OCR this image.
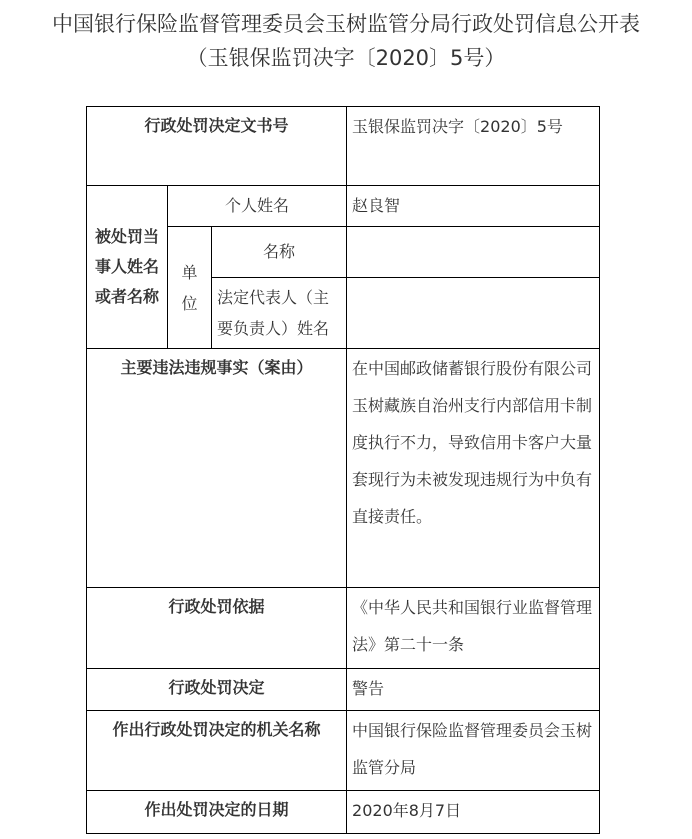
中国银行保险监督管理委员会玉树监管分局行政处罚信息公开表
（玉银保监罚决字〔2020〕5号）
行政处罚决定文书号			玉银保监罚决字〔2020〕5号
被处罚当事人姓名或者名称	个人姓名		赵良智
	单位	名称	
		法定代表人（主要负责人）姓名	
主要违法违规事实（案由）			在中国邮政储蓄银行股份有限公司玉树藏族自治州支行内部信用卡制度执行不力，导致信用卡客户大量套现行为未被发现违规行为中负有直接责任。
行政处罚依据			《中华人民共和国银行业监督管理法》第二十一条
行政处罚决定			警告
作出行政处罚决定的机关名称			中国银行保险监督管理委员会玉树监管分局
作出处罚决定的日期			2020年8月7日
